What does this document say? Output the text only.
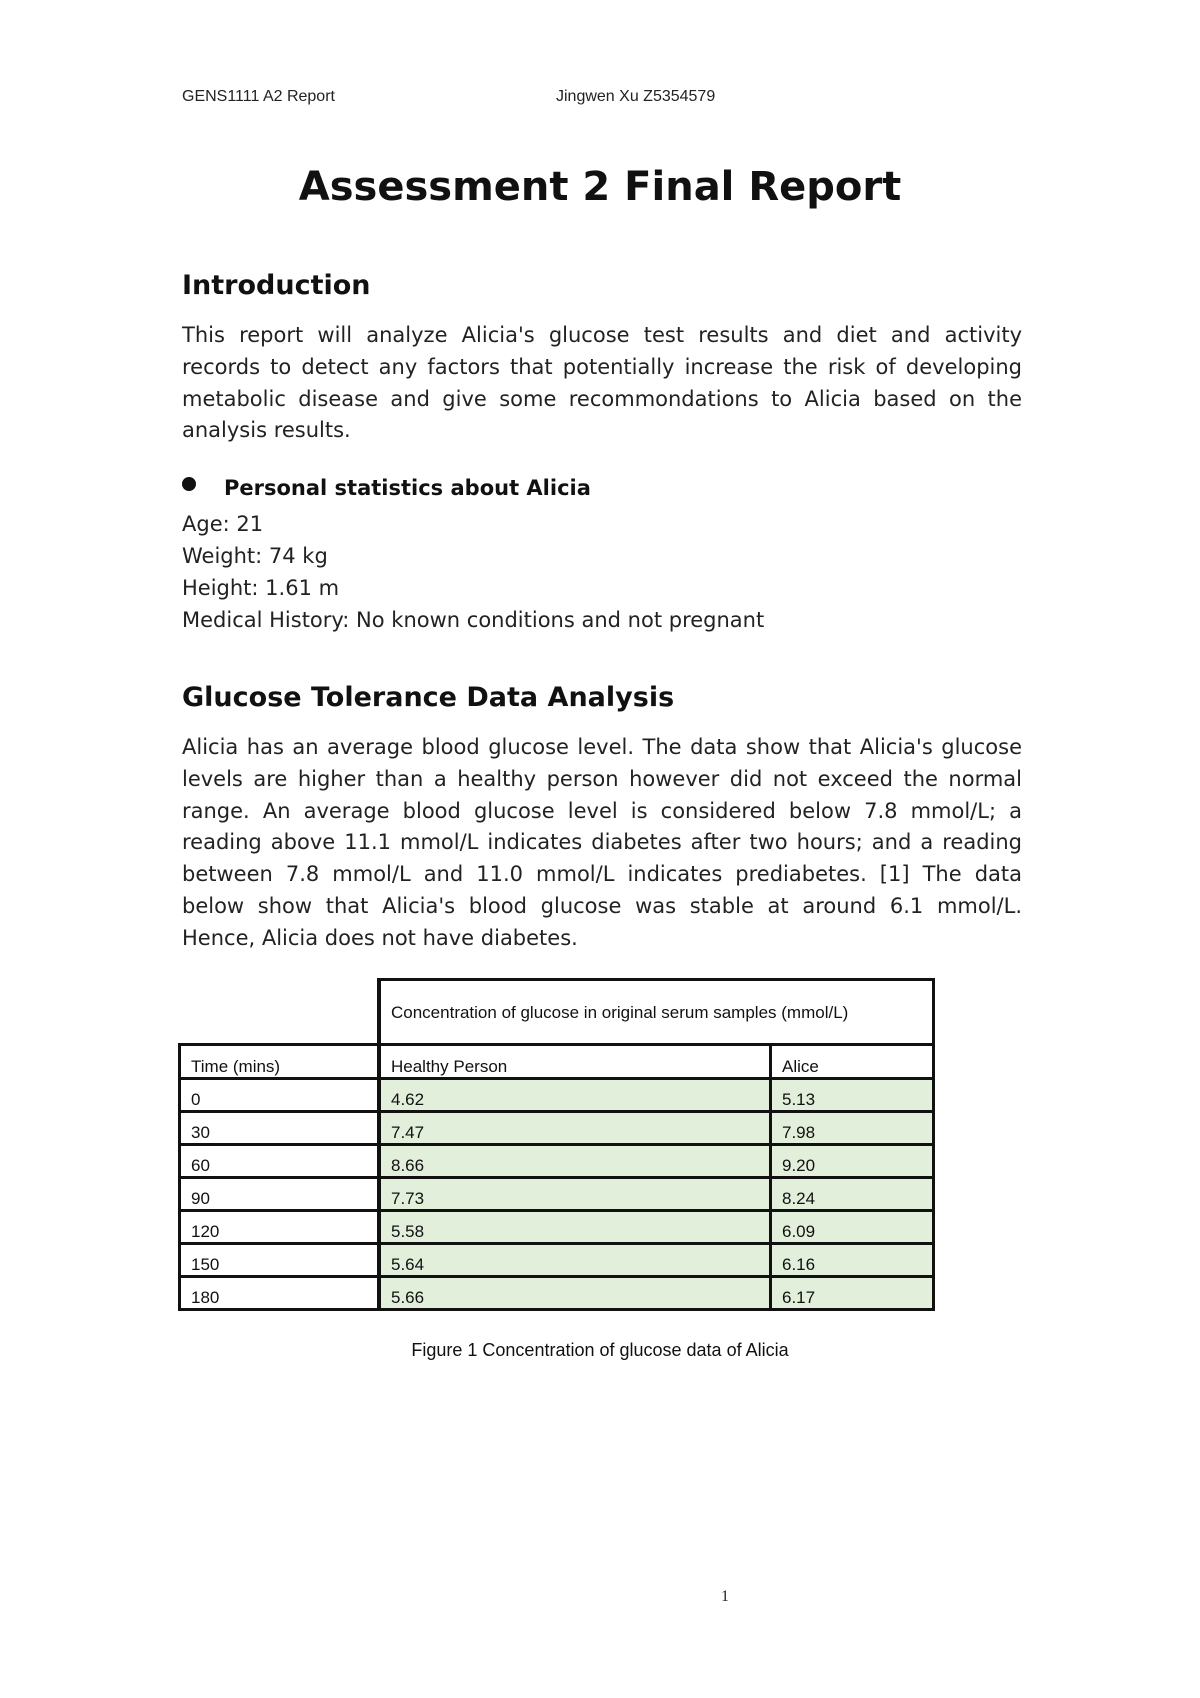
GENS1111 A2 Report	Jingwen Xu Z5354579
Assessment 2 Final Report
Introduction

This report will analyze Alicia's glucose test results and diet and activity records to detect any factors that potentially increase the risk of developing metabolic disease and give some recommondations to Alicia based on the analysis results.

Personal statistics about Alicia
Age: 21
Weight: 74 kg
Height: 1.61 m
Medical History: No known conditions and not pregnant
Glucose Tolerance Data Analysis

Alicia has an average blood glucose level. The data show that Alicia's glucose levels are higher than a healthy person however did not exceed the normal range. An average blood glucose level is considered below 7.8 mmol/L; a reading above 11.1 mmol/L indicates diabetes after two hours; and a reading between 7.8 mmol/L and 11.0 mmol/L indicates prediabetes. [1] The data below show that Alicia's blood glucose was stable at around 6.1 mmol/L. Hence, Alicia does not have diabetes.

	Concentration of glucose in original serum samples (mmol/L)	
Time (mins)	Healthy Person	Alice
0	4.62	5.13
30	7.47	7.98
60	8.66	9.20
90	7.73	8.24
120	5.58	6.09
150	5.64	6.16
180	5.66	6.17
Figure 1 Concentration of glucose data of Alicia
1
